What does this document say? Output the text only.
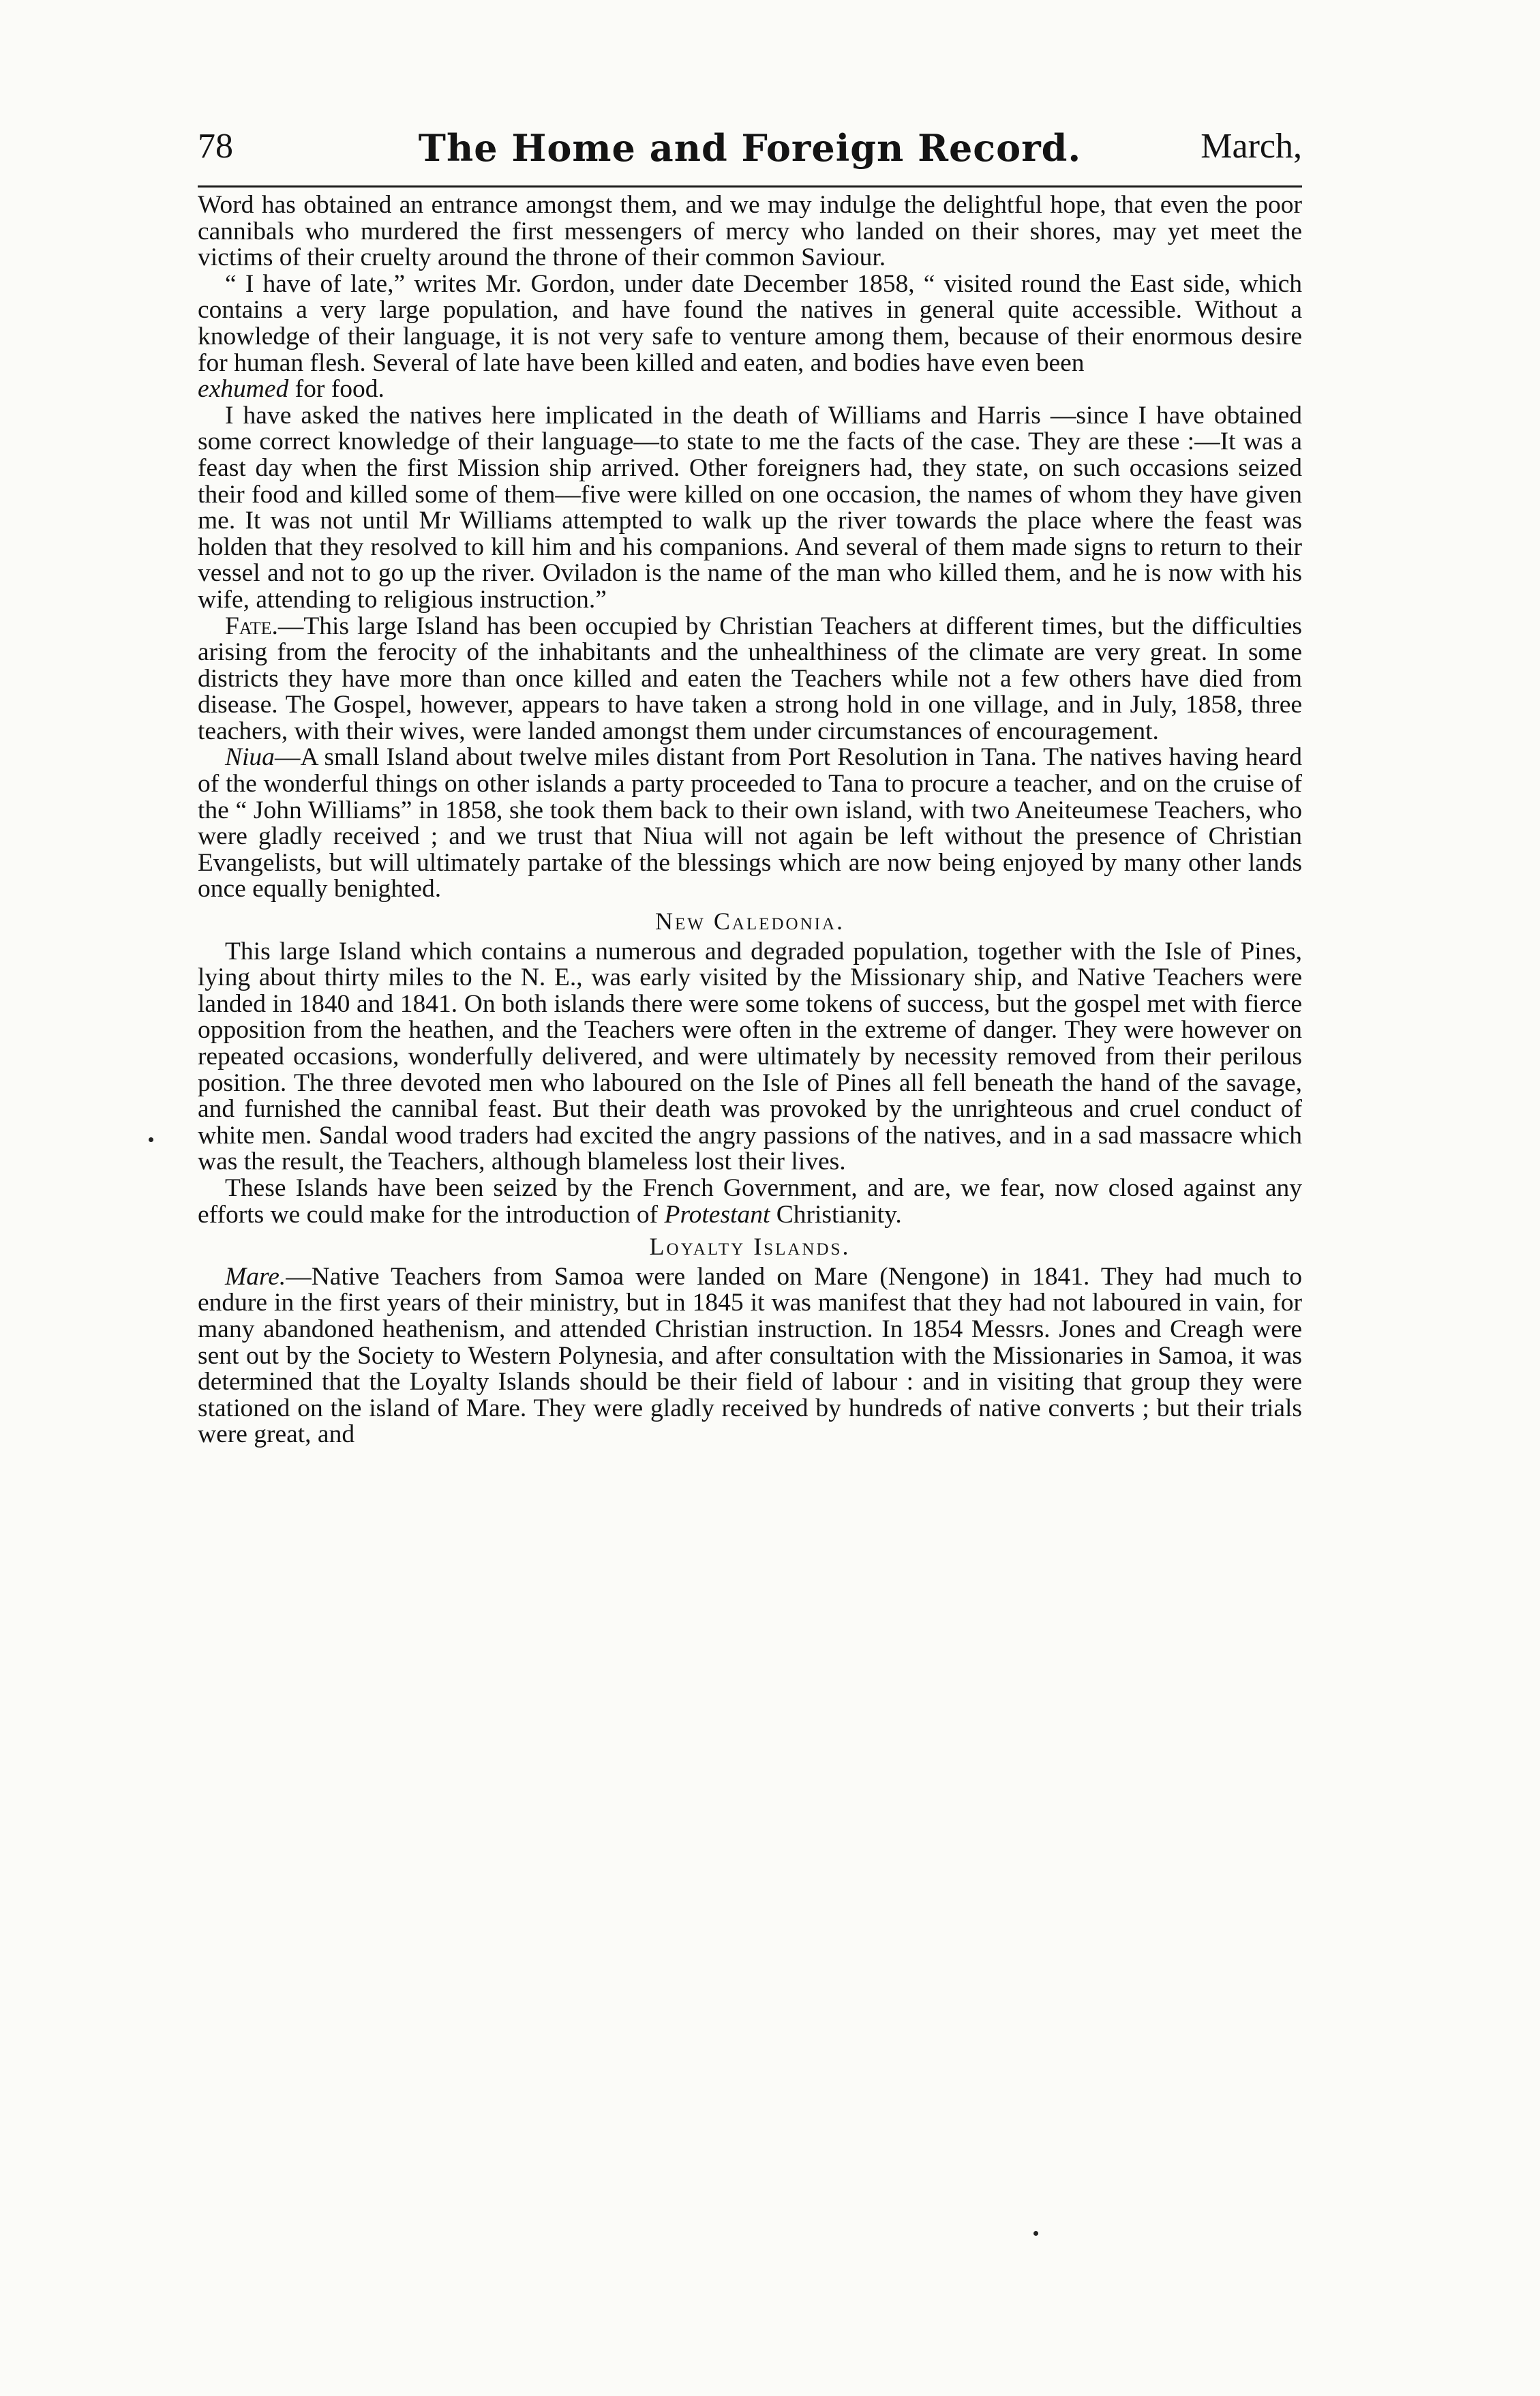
78	The Home and Foreign Record.	March,

Word has obtained an entrance amongst them, and we may indulge the delightful hope, that even the poor cannibals who murdered the first messengers of mercy who landed on their shores, may yet meet the victims of their cruelty around the throne of their common Saviour.

“ I have of late,” writes Mr. Gordon, under date December 1858, “ visited round the East side, which contains a very large population, and have found the natives in general quite accessible. Without a knowledge of their language, it is not very safe to venture among them, because of their enormous desire for human flesh. Several of late have been killed and eaten, and bodies have even been

exhumed for food.

I have asked the natives here implicated in the death of Williams and Harris —since I have obtained some correct knowledge of their language—to state to me the facts of the case. They are these :—It was a feast day when the first Mission ship arrived. Other foreigners had, they state, on such occasions seized their food and killed some of them—five were killed on one occasion, the names of whom they have given me. It was not until Mr Williams attempted to walk up the river towards the place where the feast was holden that they resolved to kill him and his companions. And several of them made signs to return to their vessel and not to go up the river. Oviladon is the name of the man who killed them, and he is now with his wife, attending to religious instruction.”

Fate.—This large Island has been occupied by Christian Teachers at different times, but the difficulties arising from the ferocity of the inhabitants and the unhealthiness of the climate are very great. In some districts they have more than once killed and eaten the Teachers while not a few others have died from disease. The Gospel, however, appears to have taken a strong hold in one village, and in July, 1858, three teachers, with their wives, were landed amongst them under circumstances of encouragement.

Niua—A small Island about twelve miles distant from Port Resolution in Tana. The natives having heard of the wonderful things on other islands a party proceeded to Tana to procure a teacher, and on the cruise of the “ John Williams” in 1858, she took them back to their own island, with two Aneiteumese Teachers, who were gladly received ; and we trust that Niua will not again be left without the presence of Christian Evangelists, but will ultimately partake of the blessings which are now being enjoyed by many other lands once equally benighted.

New Caledonia.

This large Island which contains a numerous and degraded population, together with the Isle of Pines, lying about thirty miles to the N. E., was early visited by the Missionary ship, and Native Teachers were landed in 1840 and 1841. On both islands there were some tokens of success, but the gospel met with fierce opposition from the heathen, and the Teachers were often in the extreme of danger. They were however on repeated occasions, wonderfully delivered, and were ultimately by necessity removed from their perilous position. The three devoted men who laboured on the Isle of Pines all fell beneath the hand of the savage, and furnished the cannibal feast. But their death was provoked by the unrighteous and cruel conduct of white men. Sandal wood traders had excited the angry passions of the natives, and in a sad massacre which was the result, the Teachers, although blameless lost their lives.

These Islands have been seized by the French Government, and are, we fear, now closed against any efforts we could make for the introduction of Protestant Christianity.

Loyalty Islands.

Mare.—Native Teachers from Samoa were landed on Mare (Nengone) in 1841. They had much to endure in the first years of their ministry, but in 1845 it was manifest that they had not laboured in vain, for many abandoned heathenism, and attended Christian instruction. In 1854 Messrs. Jones and Creagh were sent out by the Society to Western Polynesia, and after consultation with the Missionaries in Samoa, it was determined that the Loyalty Islands should be their field of labour : and in visiting that group they were stationed on the island of Mare. They were gladly received by hundreds of native converts ; but their trials were great, and
